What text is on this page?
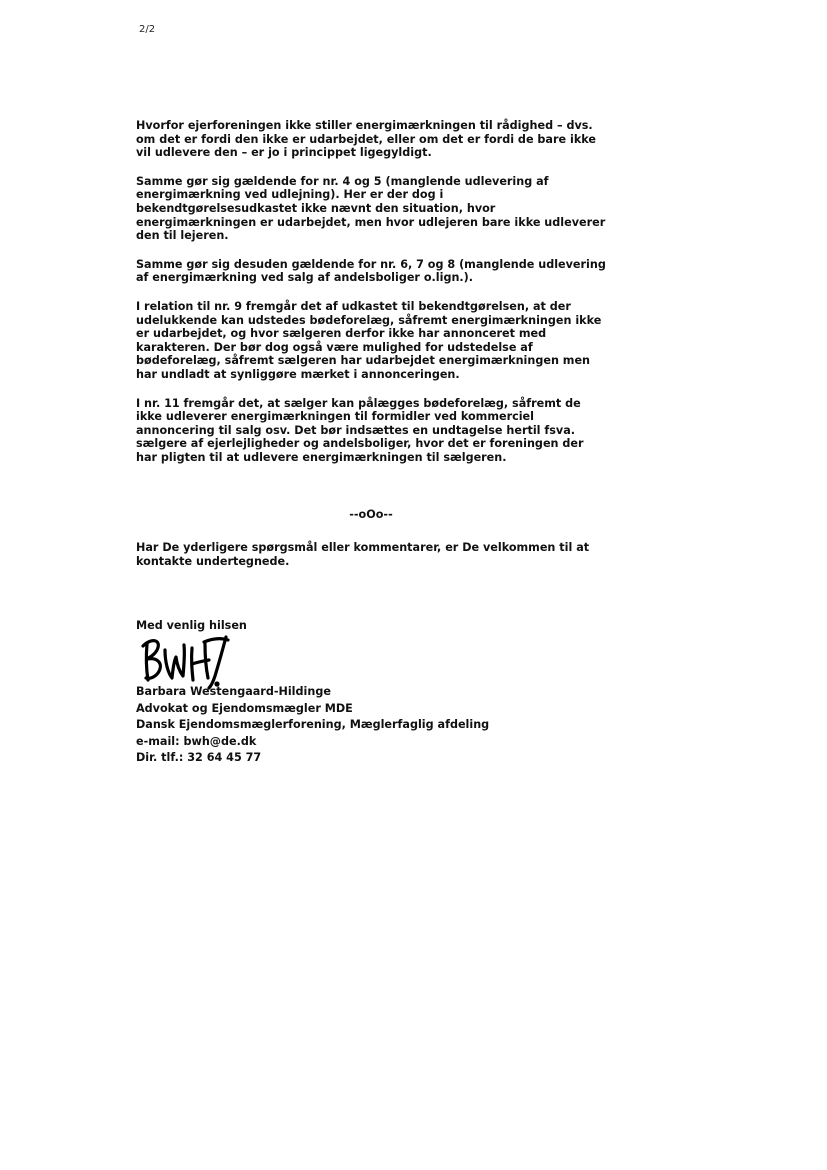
2/2

Hvorfor ejerforeningen ikke stiller energimærkningen til rådighed – dvs. om det er fordi den ikke er udarbejdet, eller om det er fordi de bare ikke vil udlevere den – er jo i princippet ligegyldigt.

Samme gør sig gældende for nr. 4 og 5 (manglende udlevering af energimærkning ved udlejning). Her er der dog i bekendtgørelsesudkastet ikke nævnt den situation, hvor energimærkningen er udarbejdet, men hvor udlejeren bare ikke udleverer den til lejeren.

Samme gør sig desuden gældende for nr. 6, 7 og 8 (manglende udlevering af energimærkning ved salg af andelsboliger o.lign.).

I relation til nr. 9 fremgår det af udkastet til bekendtgørelsen, at der udelukkende kan udstedes bødeforelæg, såfremt energimærkningen ikke er udarbejdet, og hvor sælgeren derfor ikke har annonceret med karakteren. Der bør dog også være mulighed for udstedelse af bødeforelæg, såfremt sælgeren har udarbejdet energimærkningen men har undladt at synliggøre mærket i annonceringen.

I nr. 11 fremgår det, at sælger kan pålægges bødeforelæg, såfremt de ikke udleverer energimærkningen til formidler ved kommerciel annoncering til salg osv. Det bør indsættes en undtagelse hertil fsva. sælgere af ejerlejligheder og andelsboliger, hvor det er foreningen der har pligten til at udlevere energimærkningen til sælgeren.

--oOo--

Har De yderligere spørgsmål eller kommentarer, er De velkommen til at kontakte undertegnede.

Med venlig hilsen
Barbara Westengaard-Hildinge
Advokat og Ejendomsmægler MDE
Dansk Ejendomsmæglerforening, Mæglerfaglig afdeling
e-mail: bwh@de.dk
Dir. tlf.: 32 64 45 77
